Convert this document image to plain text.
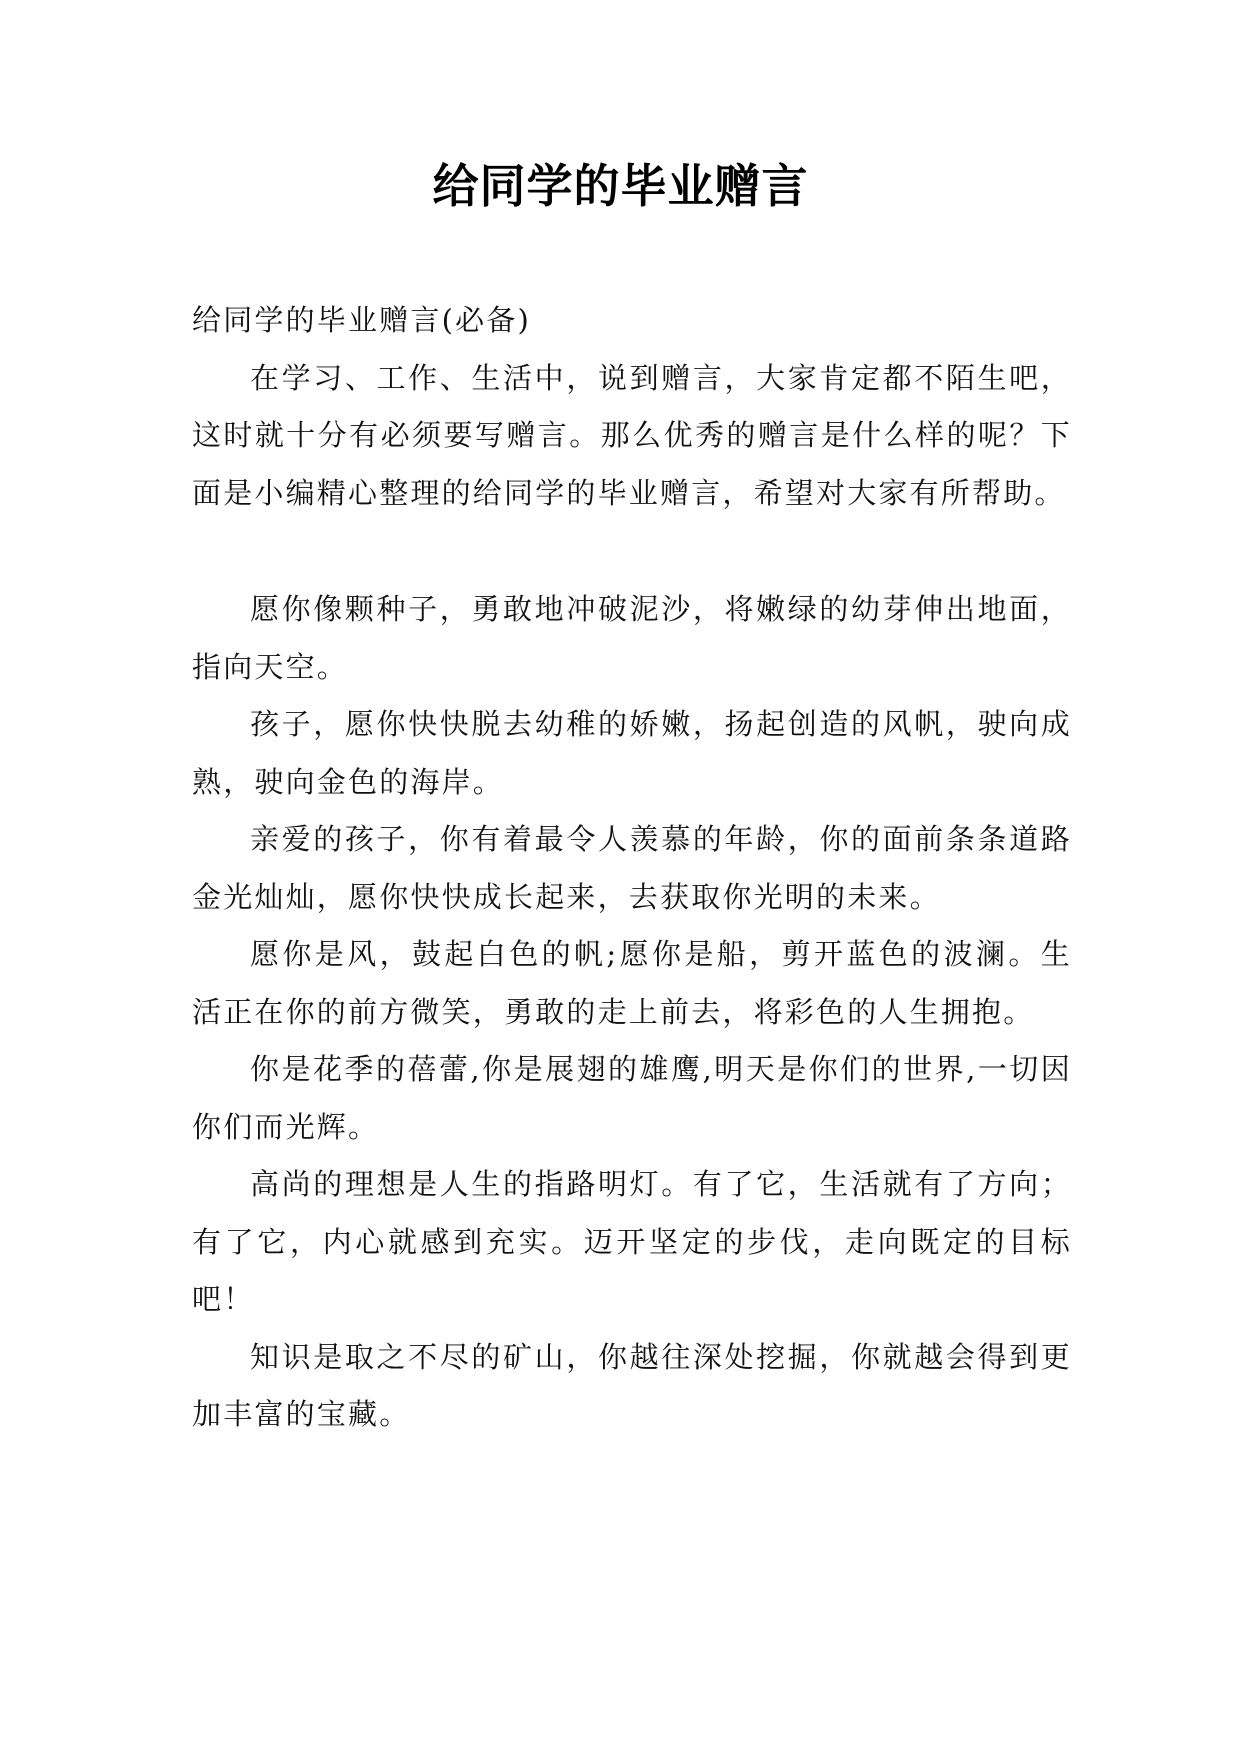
给同学的毕业赠言

给同学的毕业赠言(必备)

在学习、工作、生活中，说到赠言，大家肯定都不陌生吧，这时就十分有必须要写赠言。那么优秀的赠言是什么样的呢？下面是小编精心整理的给同学的毕业赠言，希望对大家有所帮助。

愿你像颗种子，勇敢地冲破泥沙，将嫩绿的幼芽伸出地面，指向天空。

孩子，愿你快快脱去幼稚的娇嫩，扬起创造的风帆，驶向成熟，驶向金色的海岸。

亲爱的孩子，你有着最令人羡慕的年龄，你的面前条条道路金光灿灿，愿你快快成长起来，去获取你光明的未来。

愿你是风，鼓起白色的帆;愿你是船，剪开蓝色的波澜。生活正在你的前方微笑，勇敢的走上前去，将彩色的人生拥抱。

你是花季的蓓蕾,你是展翅的雄鹰,明天是你们的世界,一切因你们而光辉。

高尚的理想是人生的指路明灯。有了它，生活就有了方向；有了它，内心就感到充实。迈开坚定的步伐，走向既定的目标吧！

知识是取之不尽的矿山，你越往深处挖掘，你就越会得到更加丰富的宝藏。
